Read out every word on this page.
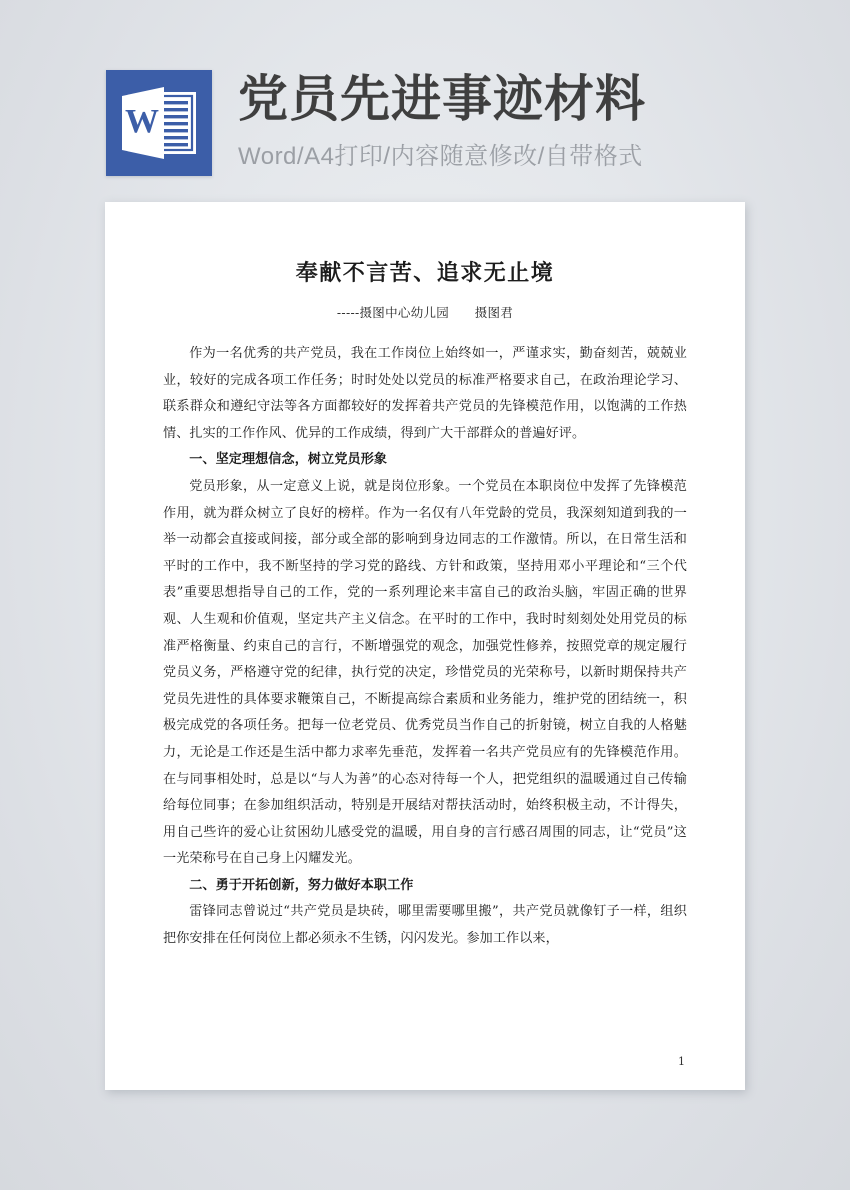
W 党员先进事迹材料
Word/A4打印/内容随意修改/自带格式
奉献不言苦、追求无止境
-----摄图中心幼儿园　　摄图君

作为一名优秀的共产党员，我在工作岗位上始终如一，严谨求实，勤奋刻苦，兢兢业业，较好的完成各项工作任务；时时处处以党员的标准严格要求自己，在政治理论学习、联系群众和遵纪守法等各方面都较好的发挥着共产党员的先锋模范作用，以饱满的工作热情、扎实的工作作风、优异的工作成绩，得到广大干部群众的普遍好评。

一、坚定理想信念，树立党员形象

党员形象，从一定意义上说，就是岗位形象。一个党员在本职岗位中发挥了先锋模范作用，就为群众树立了良好的榜样。作为一名仅有八年党龄的党员，我深刻知道到我的一举一动都会直接或间接，部分或全部的影响到身边同志的工作激情。所以，在日常生活和平时的工作中，我不断坚持的学习党的路线、方针和政策，坚持用邓小平理论和“三个代表”重要思想指导自己的工作，党的一系列理论来丰富自己的政治头脑，牢固正确的世界观、人生观和价值观，坚定共产主义信念。在平时的工作中，我时时刻刻处处用党员的标准严格衡量、约束自己的言行，不断增强党的观念，加强党性修养，按照党章的规定履行党员义务，严格遵守党的纪律，执行党的决定，珍惜党员的光荣称号，以新时期保持共产党员先进性的具体要求鞭策自己，不断提高综合素质和业务能力，维护党的团结统一，积极完成党的各项任务。把每一位老党员、优秀党员当作自己的折射镜，树立自我的人格魅力，无论是工作还是生活中都力求率先垂范，发挥着一名共产党员应有的先锋模范作用。在与同事相处时，总是以“与人为善”的心态对待每一个人，把党组织的温暖通过自己传输给每位同事；在参加组织活动，特别是开展结对帮扶活动时，始终积极主动，不计得失，用自己些许的爱心让贫困幼儿感受党的温暖，用自身的言行感召周围的同志，让“党员”这一光荣称号在自己身上闪耀发光。

二、勇于开拓创新，努力做好本职工作

雷锋同志曾说过“共产党员是块砖，哪里需要哪里搬”，共产党员就像钉子一样，组织把你安排在任何岗位上都必须永不生锈，闪闪发光。参加工作以来，

1
